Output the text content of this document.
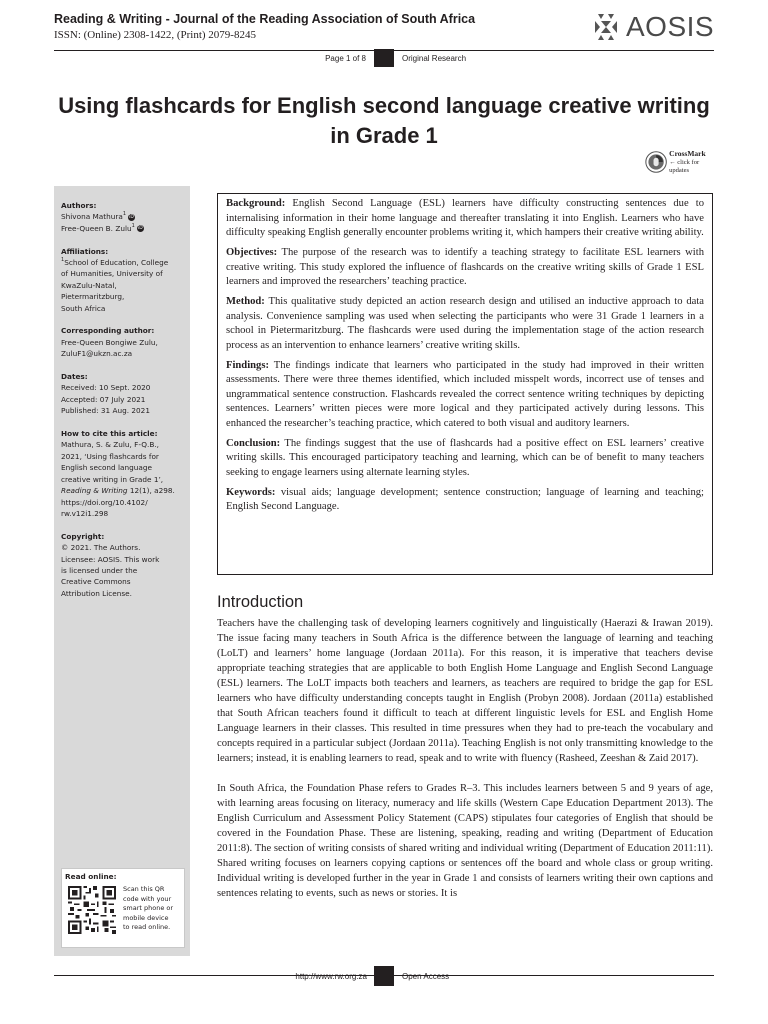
Reading & Writing - Journal of the Reading Association of South Africa
ISSN: (Online) 2308-1422, (Print) 2079-8245	AOSIS
Page 1 of 8	Original Research
Using flashcards for English second language creative writing in Grade 1
CrossMark
← click for updates
Authors:
Shivona Mathura$^1$ iD
Free-Queen B. Zulu$^1$ iD
Affiliations:
$^1$School of Education, College
of Humanities, University of
KwaZulu-Natal,
Pietermaritzburg,
South Africa
Corresponding author:
Free-Queen Bongiwe Zulu,
ZuluF1@ukzn.ac.za
Dates:
Received: 10 Sept. 2020
Accepted: 07 July 2021
Published: 31 Aug. 2021
How to cite this article:
Mathura, S. & Zulu, F-Q.B.,
2021, ‘Using flashcards for
English second language
creative writing in Grade 1’,
Reading & Writing 12(1), a298.
https://doi.org/10.4102/
rw.v12i1.298
Copyright:
© 2021. The Authors.
Licensee: AOSIS. This work
is licensed under the
Creative Commons
Attribution License.
Read online:
Scan this QR
code with your
smart phone or
mobile device
to read online.

Background: English Second Language (ESL) learners have difficulty constructing sentences due to internalising information in their home language and thereafter translating it into English. Learners who have difficulty speaking English generally encounter problems writing it, which hampers their creative writing ability.

Objectives: The purpose of the research was to identify a teaching strategy to facilitate ESL learners with creative writing. This study explored the influence of flashcards on the creative writing skills of Grade 1 ESL learners and improved the researchers’ teaching practice.

Method: This qualitative study depicted an action research design and utilised an inductive approach to data analysis. Convenience sampling was used when selecting the participants who were 31 Grade 1 learners in a school in Pietermaritzburg. The flashcards were used during the implementation stage of the action research process as an intervention to enhance learners’ creative writing skills.

Findings: The findings indicate that learners who participated in the study had improved in their written assessments. There were three themes identified, which included misspelt words, incorrect use of tenses and ungrammatical sentence construction. Flashcards revealed the correct sentence writing techniques by depicting sentences. Learners’ written pieces were more logical and they participated actively during lessons. This enhanced the researcher’s teaching practice, which catered to both visual and auditory learners.

Conclusion: The findings suggest that the use of flashcards had a positive effect on ESL learners’ creative writing skills. This encouraged participatory teaching and learning, which can be of benefit to many teachers seeking to engage learners using alternate learning styles.

Keywords: visual aids; language development; sentence construction; language of learning and teaching; English Second Language.

Introduction

Teachers have the challenging task of developing learners cognitively and linguistically (Haerazi & Irawan 2019). The issue facing many teachers in South Africa is the difference between the language of learning and teaching (LoLT) and learners’ home language (Jordaan 2011a). For this reason, it is imperative that teachers devise appropriate teaching strategies that are applicable to both English Home Language and English Second Language (ESL) learners. The LoLT impacts both teachers and learners, as teachers are required to bridge the gap for ESL learners who have difficulty understanding concepts taught in English (Probyn 2008). Jordaan (2011a) established that South African teachers found it difficult to teach at different linguistic levels for ESL and English Home Language learners in their classes. This resulted in time pressures when they had to pre-teach the vocabulary and concepts required in a particular subject (Jordaan 2011a). Teaching English is not only transmitting knowledge to the learners; instead, it is enabling learners to read, speak and to write with fluency (Rasheed, Zeeshan & Zaid 2017).

In South Africa, the Foundation Phase refers to Grades R–3. This includes learners between 5 and 9 years of age, with learning areas focusing on literacy, numeracy and life skills (Western Cape Education Department 2013). The English Curriculum and Assessment Policy Statement (CAPS) stipulates four categories of English that should be covered in the Foundation Phase. These are listening, speaking, reading and writing (Department of Education 2011:8). The section of writing consists of shared writing and individual writing (Department of Education 2011:11). Shared writing focuses on learners copying captions or sentences off the board and whole class or group writing. Individual writing is developed further in the year in Grade 1 and consists of learners writing their own captions and sentences relating to events, such as news or stories. It is

http://www.rw.org.za	Open Access
